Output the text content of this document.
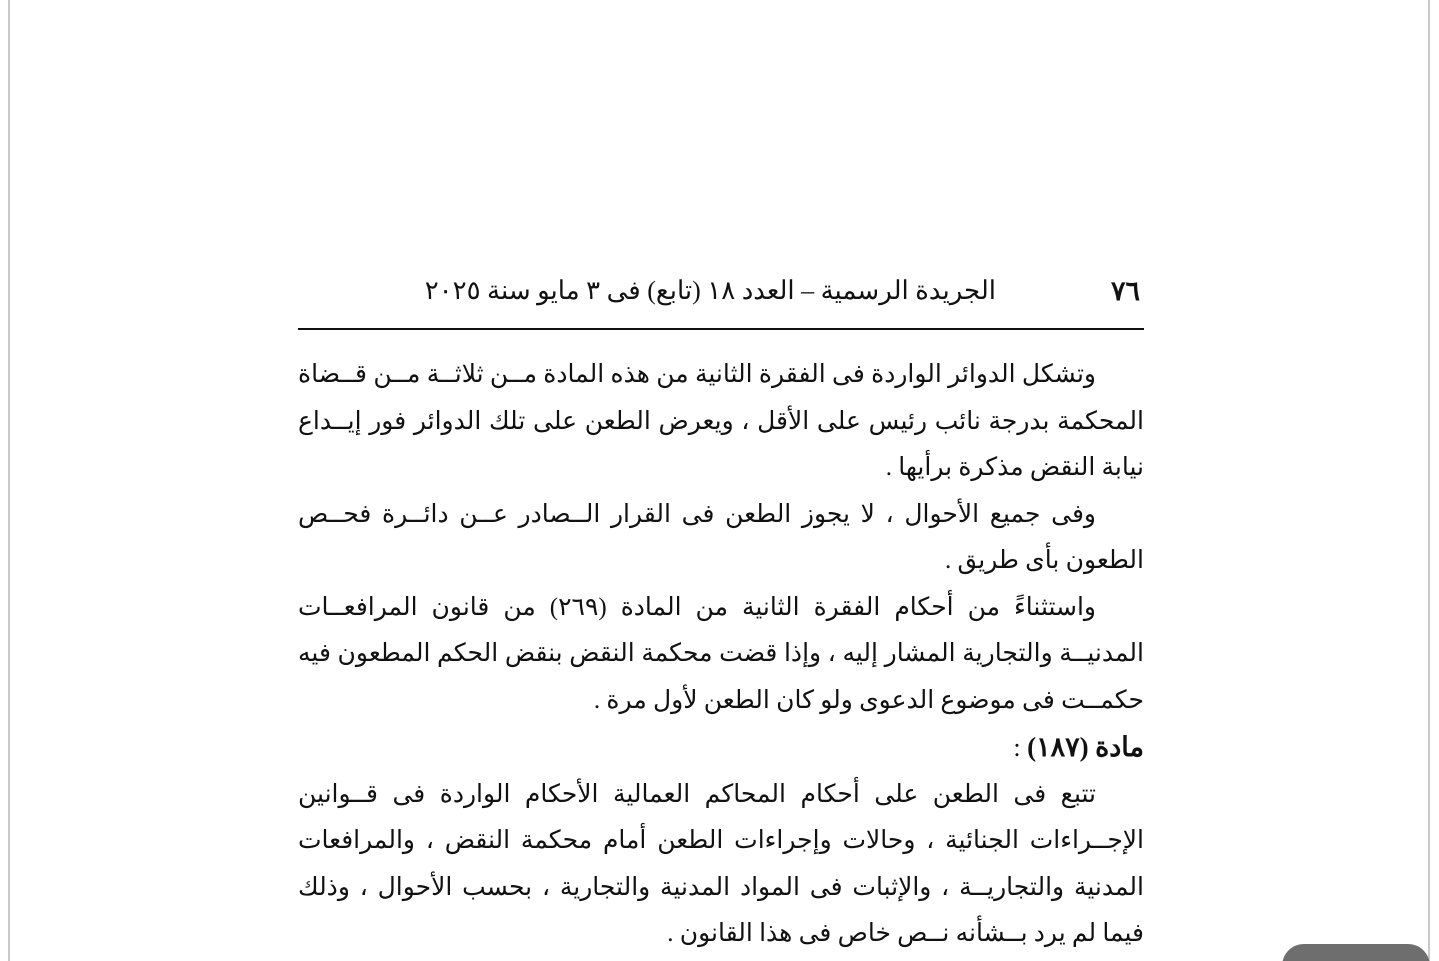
٧٦
الجريدة الرسمية – العدد ١٨ (تابع) فى ٣ مايو سنة ٢٠٢٥

وتشكل الدوائر الواردة فى الفقرة الثانية من هذه المادة مــن ثلاثــة مــن قــضاة المحكمة بدرجة نائب رئيس على الأقل ، ويعرض الطعن على تلك الدوائر فور إيــداع نيابة النقض مذكرة برأيها .

وفى جميع الأحوال ، لا يجوز الطعن فى القرار الــصادر عــن دائــرة فحــص الطعون بأى طريق .

واستثناءً من أحكام الفقرة الثانية من المادة (٢٦٩) من قانون المرافعــات المدنيــة والتجارية المشار إليه ، وإذا قضت محكمة النقض بنقض الحكم المطعون فيه حكمــت فى موضوع الدعوى ولو كان الطعن لأول مرة .

مادة (١٨٧) :

تتبع فى الطعن على أحكام المحاكم العمالية الأحكام الواردة فى قــوانين الإجــراءات الجنائية ، وحالات وإجراءات الطعن أمام محكمة النقض ، والمرافعات المدنية والتجاريــة ، والإثبات فى المواد المدنية والتجارية ، بحسب الأحوال ، وذلك فيما لم يرد بــشأنه نــص خاص فى هذا القانون .
